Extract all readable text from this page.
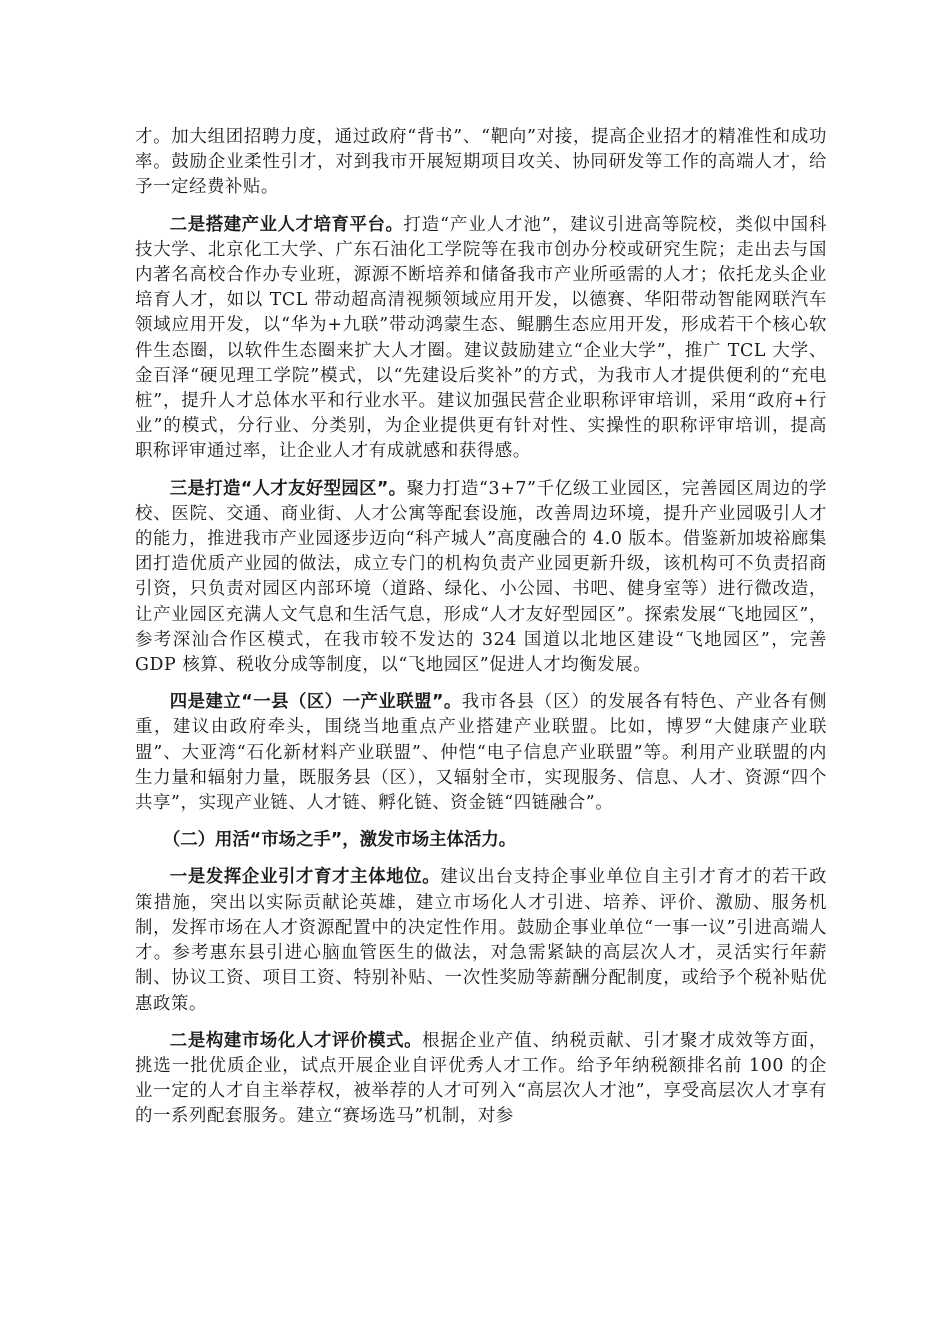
才。加大组团招聘力度，通过政府“背书”、“靶向”对接，提高企业招才的精准性和成功率。鼓励企业柔性引才，对到我市开展短期项目攻关、协同研发等工作的高端人才，给予一定经费补贴。

二是搭建产业人才培育平台。打造“产业人才池”，建议引进高等院校，类似中国科技大学、北京化工大学、广东石油化工学院等在我市创办分校或研究生院；走出去与国内著名高校合作办专业班，源源不断培养和储备我市产业所亟需的人才；依托龙头企业培育人才，如以 TCL 带动超高清视频领域应用开发，以德赛、华阳带动智能网联汽车领域应用开发，以“华为+九联”带动鸿蒙生态、鲲鹏生态应用开发，形成若干个核心软件生态圈，以软件生态圈来扩大人才圈。建议鼓励建立“企业大学”，推广 TCL 大学、金百泽“硬见理工学院”模式，以“先建设后奖补”的方式，为我市人才提供便利的“充电桩”，提升人才总体水平和行业水平。建议加强民营企业职称评审培训，采用“政府+行业”的模式，分行业、分类别，为企业提供更有针对性、实操性的职称评审培训，提高职称评审通过率，让企业人才有成就感和获得感。

三是打造“人才友好型园区”。聚力打造“3+7”千亿级工业园区，完善园区周边的学校、医院、交通、商业街、人才公寓等配套设施，改善周边环境，提升产业园吸引人才的能力，推进我市产业园逐步迈向“科产城人”高度融合的 4.0 版本。借鉴新加坡裕廊集团打造优质产业园的做法，成立专门的机构负责产业园更新升级，该机构可不负责招商引资，只负责对园区内部环境（道路、绿化、小公园、书吧、健身室等）进行微改造，让产业园区充满人文气息和生活气息，形成“人才友好型园区”。探索发展“飞地园区”，参考深汕合作区模式，在我市较不发达的 324 国道以北地区建设“飞地园区”，完善 GDP 核算、税收分成等制度，以“飞地园区”促进人才均衡发展。

四是建立“一县（区）一产业联盟”。我市各县（区）的发展各有特色、产业各有侧重，建议由政府牵头，围绕当地重点产业搭建产业联盟。比如，博罗“大健康产业联盟”、大亚湾“石化新材料产业联盟”、仲恺“电子信息产业联盟”等。利用产业联盟的内生力量和辐射力量，既服务县（区），又辐射全市，实现服务、信息、人才、资源“四个共享”，实现产业链、人才链、孵化链、资金链“四链融合”。

（二）用活“市场之手”，激发市场主体活力。

一是发挥企业引才育才主体地位。建议出台支持企事业单位自主引才育才的若干政策措施，突出以实际贡献论英雄，建立市场化人才引进、培养、评价、激励、服务机制，发挥市场在人才资源配置中的决定性作用。鼓励企事业单位“一事一议”引进高端人才。参考惠东县引进心脑血管医生的做法，对急需紧缺的高层次人才，灵活实行年薪制、协议工资、项目工资、特别补贴、一次性奖励等薪酬分配制度，或给予个税补贴优惠政策。

二是构建市场化人才评价模式。根据企业产值、纳税贡献、引才聚才成效等方面，挑选一批优质企业，试点开展企业自评优秀人才工作。给予年纳税额排名前 100 的企业一定的人才自主举荐权，被举荐的人才可列入“高层次人才池”，享受高层次人才享有的一系列配套服务。建立“赛场选马”机制，对参
